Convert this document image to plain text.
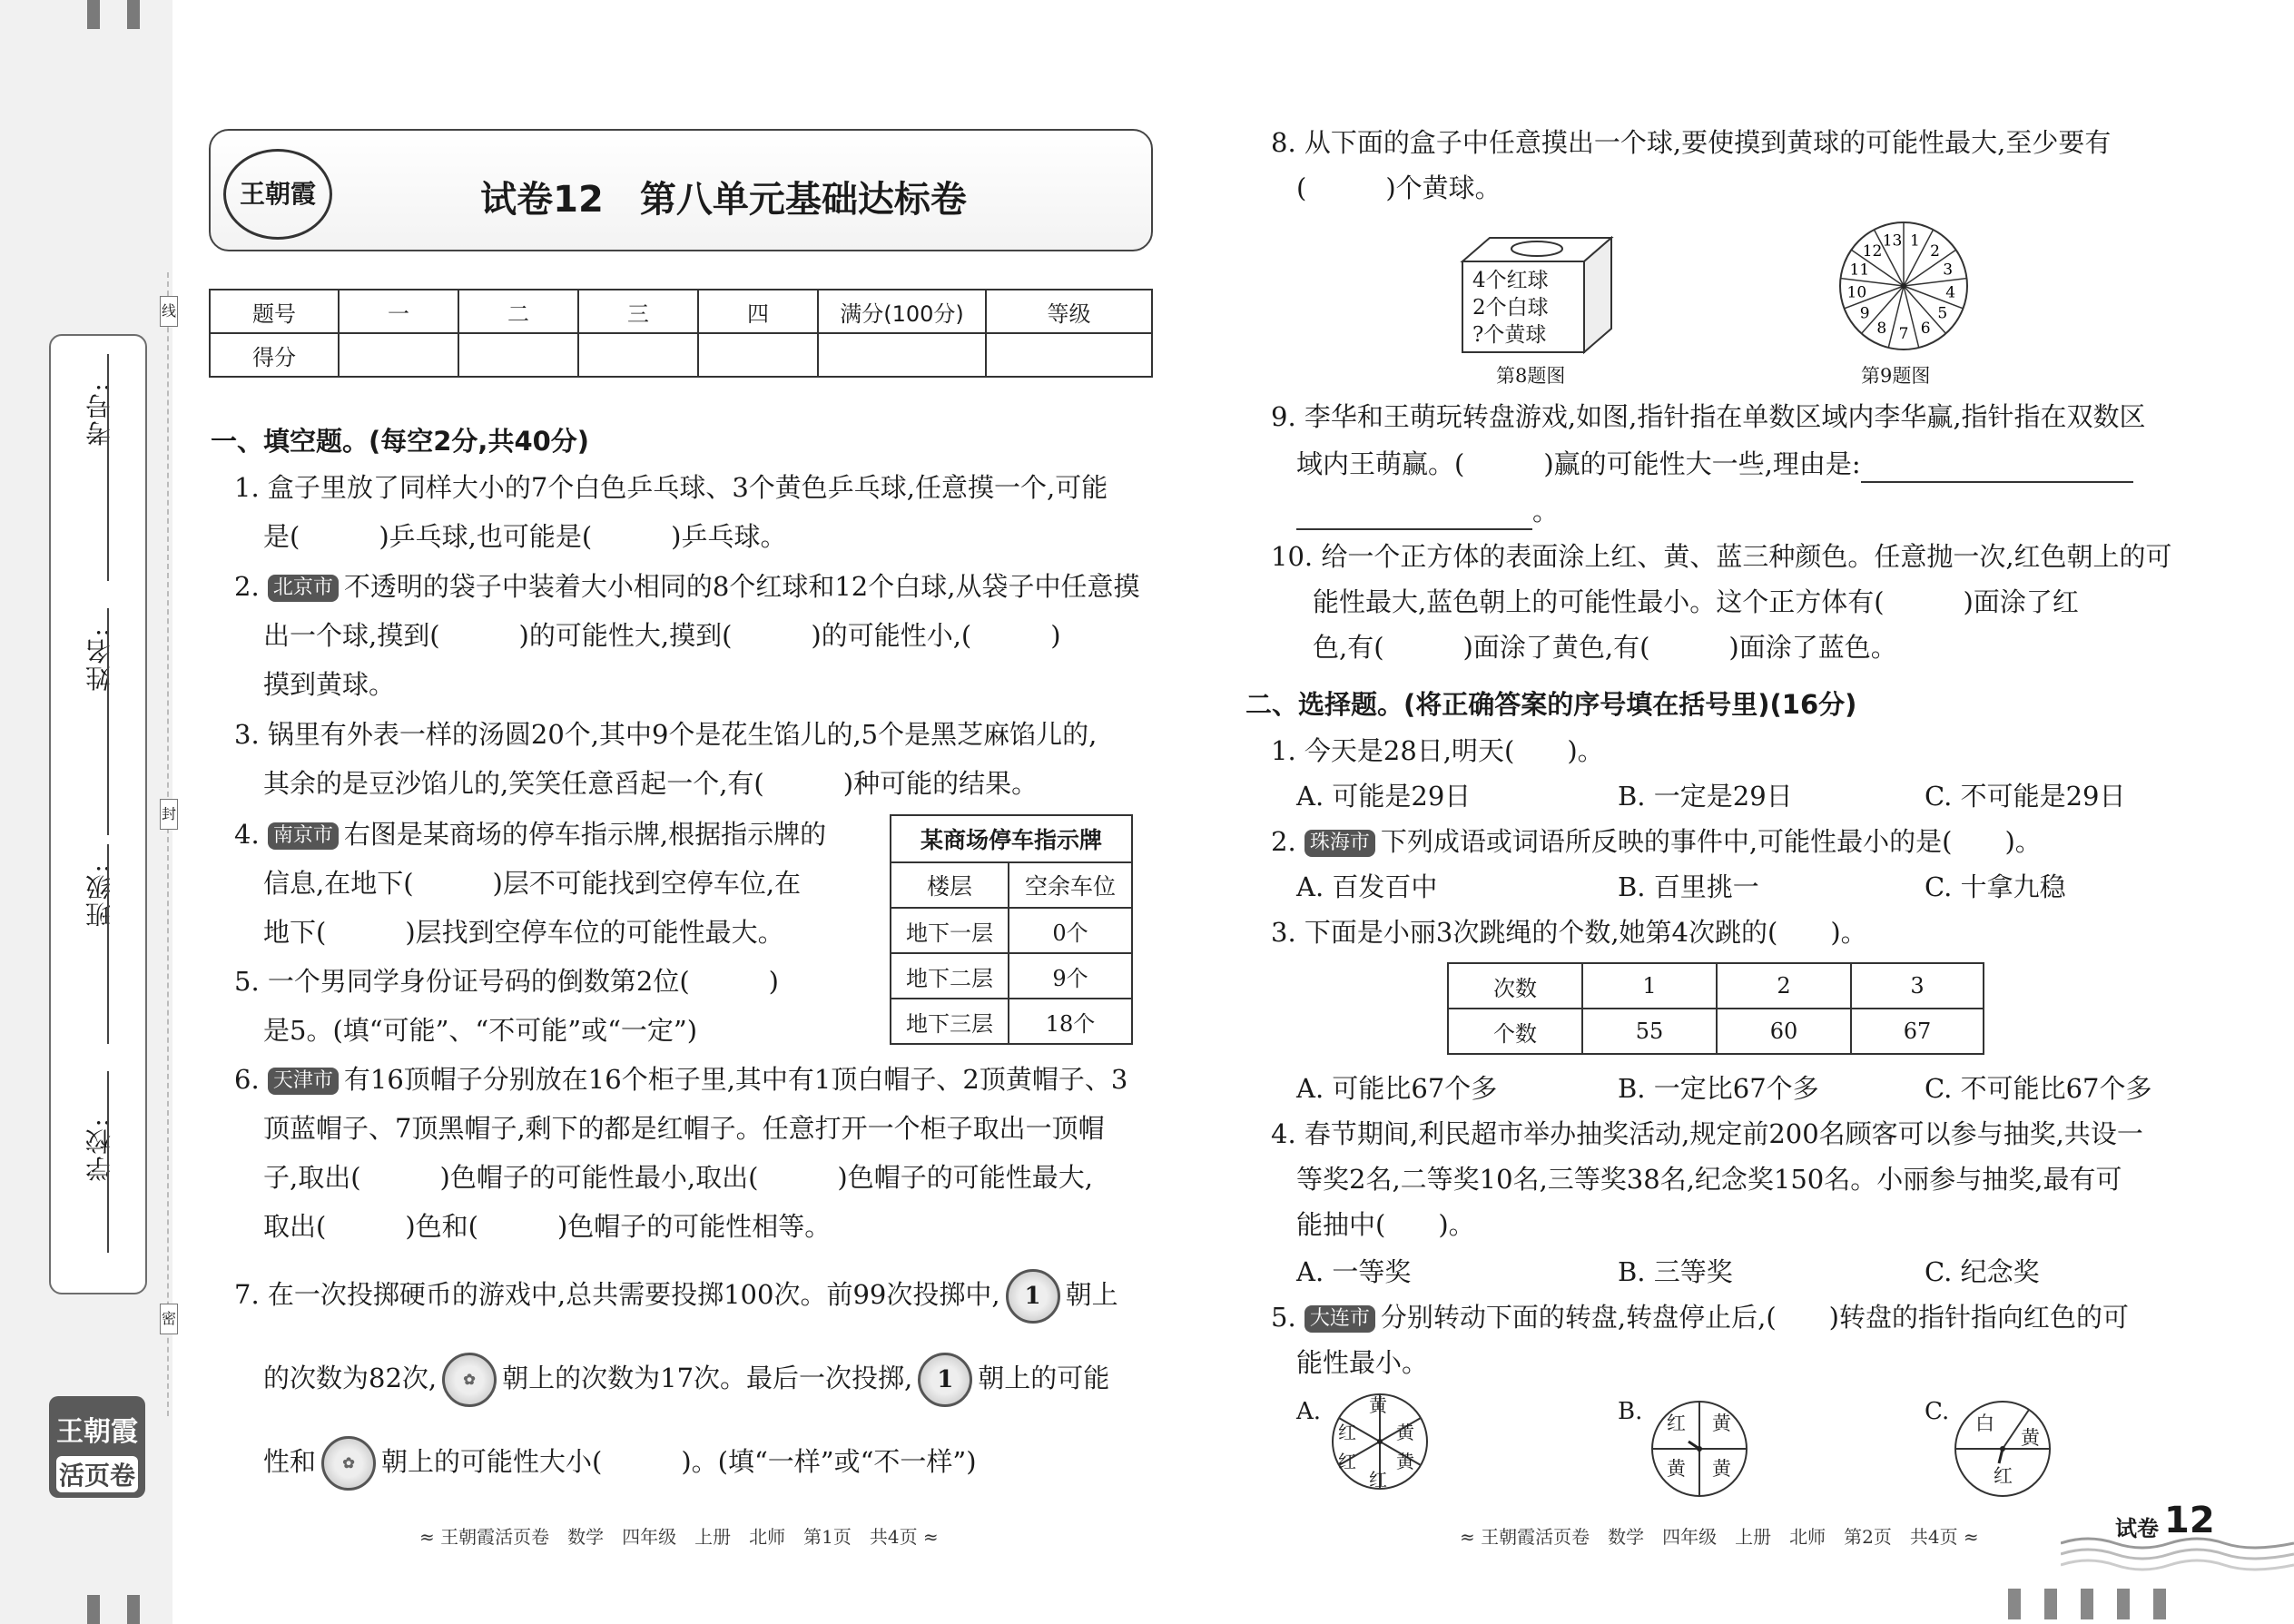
考号:
姓名:
班级:
学校:
线
封
密
王朝霞
活页卷
王朝霞	试卷12　第八单元基础达标卷
题号	一	二	三	四	满分(100分)	等级
得分						
一、填空题。(每空2分,共40分)
1. 盒子里放了同样大小的7个白色乒乓球、3个黄色乒乓球,任意摸一个,可能
是(　　　)乒乓球,也可能是(　　　)乒乓球。
2. 北京市 不透明的袋子中装着大小相同的8个红球和12个白球,从袋子中任意摸
出一个球,摸到(　　　)的可能性大,摸到(　　　)的可能性小,(　　　)
摸到黄球。
3. 锅里有外表一样的汤圆20个,其中9个是花生馅儿的,5个是黑芝麻馅儿的,
其余的是豆沙馅儿的,笑笑任意舀起一个,有(　　　)种可能的结果。
4. 南京市 右图是某商场的停车指示牌,根据指示牌的
信息,在地下(　　　)层不可能找到空停车位,在
地下(　　　)层找到空停车位的可能性最大。
某商场停车指示牌	
楼层	空余车位
地下一层	0个
地下二层	9个
地下三层	18个
5. 一个男同学身份证号码的倒数第2位(　　　)
是5。(填“可能”、“不可能”或“一定”)
6. 天津市 有16顶帽子分别放在16个柜子里,其中有1顶白帽子、2顶黄帽子、3
顶蓝帽子、7顶黑帽子,剩下的都是红帽子。任意打开一个柜子取出一顶帽
子,取出(　　　)色帽子的可能性最小,取出(　　　)色帽子的可能性最大,
取出(　　　)色和(　　　)色帽子的可能性相等。
7. 在一次投掷硬币的游戏中,总共需要投掷100次。前99次投掷中, 1 朝上
的次数为82次, ✿ 朝上的次数为17次。最后一次投掷, 1 朝上的可能
性和 ✿ 朝上的可能性大小(　　　)。(填“一样”或“不一样”)
≈ 王朝霞活页卷　数学　四年级　上册　北师　第1页　共4页 ≈
8. 从下面的盒子中任意摸出一个球,要使摸到黄球的可能性最大,至少要有
(　　　)个黄球。
4个红球
2个白球
?个黄球
第8题图
1
2
3
4
5
6
7
8
9
10
11
12
13
第9题图
9. 李华和王萌玩转盘游戏,如图,指针指在单数区域内李华赢,指针指在双数区
域内王萌赢。(　　　)赢的可能性大一些,理由是:
。
10. 给一个正方体的表面涂上红、黄、蓝三种颜色。任意抛一次,红色朝上的可
能性最大,蓝色朝上的可能性最小。这个正方体有(　　　)面涂了红
色,有(　　　)面涂了黄色,有(　　　)面涂了蓝色。
二、选择题。(将正确答案的序号填在括号里)(16分)
1. 今天是28日,明天(　　)。
A. 可能是29日	B. 一定是29日	C. 不可能是29日
2. 珠海市 下列成语或词语所反映的事件中,可能性最小的是(　　)。
A. 百发百中	B. 百里挑一	C. 十拿九稳
3. 下面是小丽3次跳绳的个数,她第4次跳的(　　)。
次数	1	2	3
个数	55	60	67
A. 可能比67个多	B. 一定比67个多	C. 不可能比67个多
4. 春节期间,利民超市举办抽奖活动,规定前200名顾客可以参与抽奖,共设一
等奖2名,二等奖10名,三等奖38名,纪念奖150名。小丽参与抽奖,最有可
能抽中(　　)。
A. 一等奖	B. 三等奖	C. 纪念奖
5. 大连市 分别转动下面的转盘,转盘停止后,(　　)转盘的指针指向红色的可
能性最小。
A.	黄
红 黄
红 黄
红
B. 红 黄
黄 黄
C. 白
黄
红
≈ 王朝霞活页卷　数学　四年级　上册　北师　第2页　共4页 ≈	试卷 12
